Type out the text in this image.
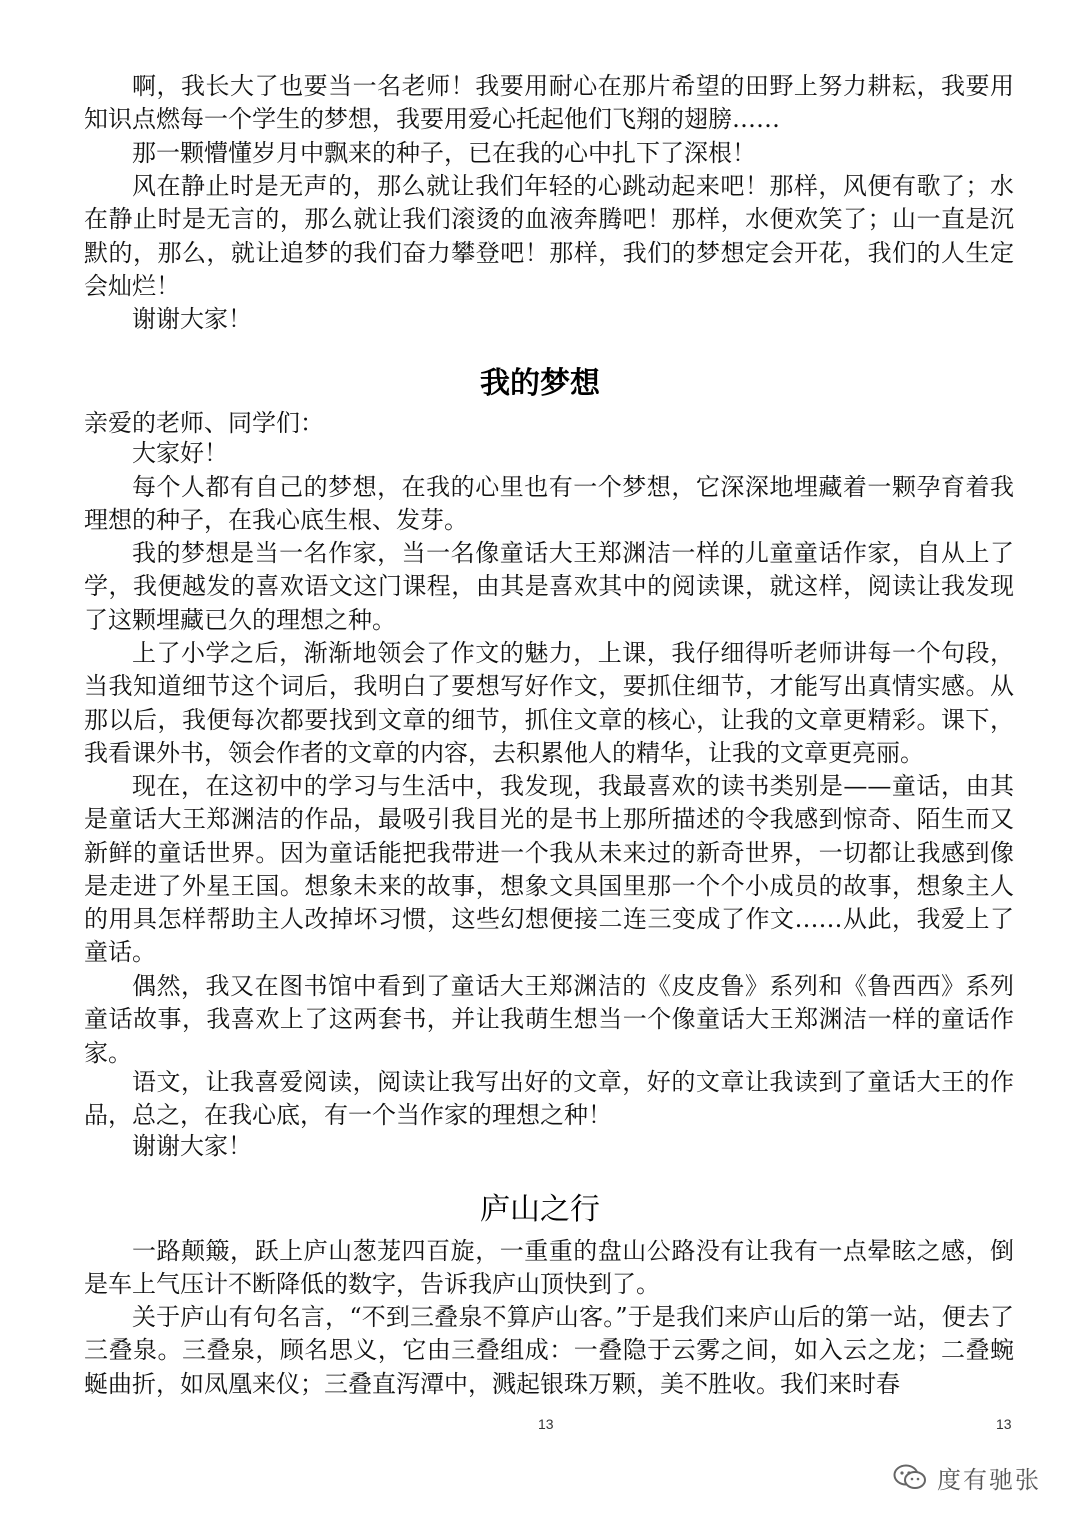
啊，我长大了也要当一名老师！我要用耐心在那片希望的田野上努力耕耘，我要用知识点燃每一个学生的梦想，我要用爱心托起他们飞翔的翅膀……

那一颗懵懂岁月中飘来的种子，已在我的心中扎下了深根！

风在静止时是无声的，那么就让我们年轻的心跳动起来吧！那样，风便有歌了；水在静止时是无言的，那么就让我们滚烫的血液奔腾吧！那样，水便欢笑了；山一直是沉默的，那么，就让追梦的我们奋力攀登吧！那样，我们的梦想定会开花，我们的人生定会灿烂！

谢谢大家！

我的梦想

亲爱的老师、同学们：

大家好！

每个人都有自己的梦想，在我的心里也有一个梦想，它深深地埋藏着一颗孕育着我理想的种子，在我心底生根、发芽。

我的梦想是当一名作家，当一名像童话大王郑渊洁一样的儿童童话作家，自从上了学，我便越发的喜欢语文这门课程，由其是喜欢其中的阅读课，就这样，阅读让我发现了这颗埋藏已久的理想之种。

上了小学之后，渐渐地领会了作文的魅力，上课，我仔细得听老师讲每一个句段，当我知道细节这个词后，我明白了要想写好作文，要抓住细节，才能写出真情实感。从那以后，我便每次都要找到文章的细节，抓住文章的核心，让我的文章更精彩。课下，我看课外书，领会作者的文章的内容，去积累他人的精华，让我的文章更亮丽。

现在，在这初中的学习与生活中，我发现，我最喜欢的读书类别是——童话，由其是童话大王郑渊洁的作品，最吸引我目光的是书上那所描述的令我感到惊奇、陌生而又新鲜的童话世界。因为童话能把我带进一个我从未来过的新奇世界，一切都让我感到像是走进了外星王国。想象未来的故事，想象文具国里那一个个小成员的故事，想象主人的用具怎样帮助主人改掉坏习惯，这些幻想便接二连三变成了作文……从此，我爱上了童话。

偶然，我又在图书馆中看到了童话大王郑渊洁的《皮皮鲁》系列和《鲁西西》系列童话故事，我喜欢上了这两套书，并让我萌生想当一个像童话大王郑渊洁一样的童话作家。

语文，让我喜爱阅读，阅读让我写出好的文章，好的文章让我读到了童话大王的作品，总之，在我心底，有一个当作家的理想之种！

谢谢大家！

庐山之行

一路颠簸，跃上庐山葱茏四百旋，一重重的盘山公路没有让我有一点晕眩之感，倒是车上气压计不断降低的数字，告诉我庐山顶快到了。

关于庐山有句名言，“不到三叠泉不算庐山客。”于是我们来庐山后的第一站，便去了三叠泉。三叠泉，顾名思义，它由三叠组成：一叠隐于云雾之间，如入云之龙；二叠蜿蜒曲折，如凤凰来仪；三叠直泻潭中，溅起银珠万颗，美不胜收。我们来时春

13	13
度有驰张
